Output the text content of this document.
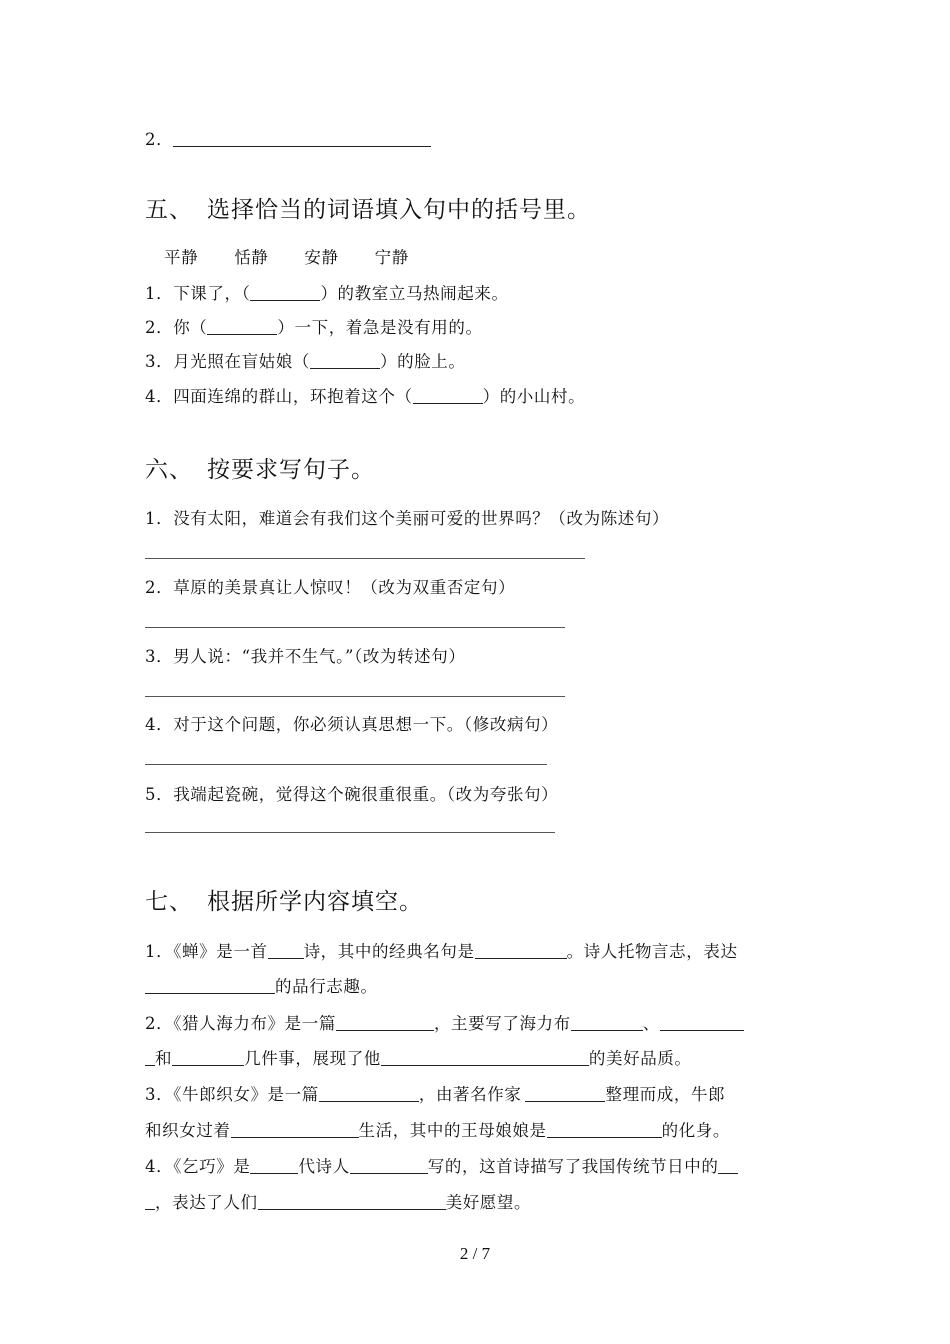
2．
五、 选择恰当的词语填入句中的括号里。
平静 恬静 安静 宁静
1．下课了，（	）的教室立马热闹起来。
2．你（	）一下，着急是没有用的。
3．月光照在盲姑娘（	）的脸上。
4．四面连绵的群山，环抱着这个（	）的小山村。
六、 按要求写句子。
1．没有太阳，难道会有我们这个美丽可爱的世界吗？（改为陈述句）
2．草原的美景真让人惊叹！（改为双重否定句）
3．男人说：“我并不生气。”（改为转述句）
4．对于这个问题，你必须认真思想一下。（修改病句）
5．我端起瓷碗，觉得这个碗很重很重。（改为夸张句）
七、 根据所学内容填空。
1．《蝉》是一首 诗，其中的经典名句是	。诗人托物言志，表达
的品行志趣。
2．《猎人海力布》是一篇	，主要写了海力布	、
和	几件事，展现了他	的美好品质。
3．《牛郎织女》是一篇	，由著名作家	整理而成，牛郎
和织女过着	生活，其中的王母娘娘是	的化身。
4．《乞巧》是	代诗人	写的，这首诗描写了我国传统节日中的
，表达了人们	美好愿望。
2 / 7
